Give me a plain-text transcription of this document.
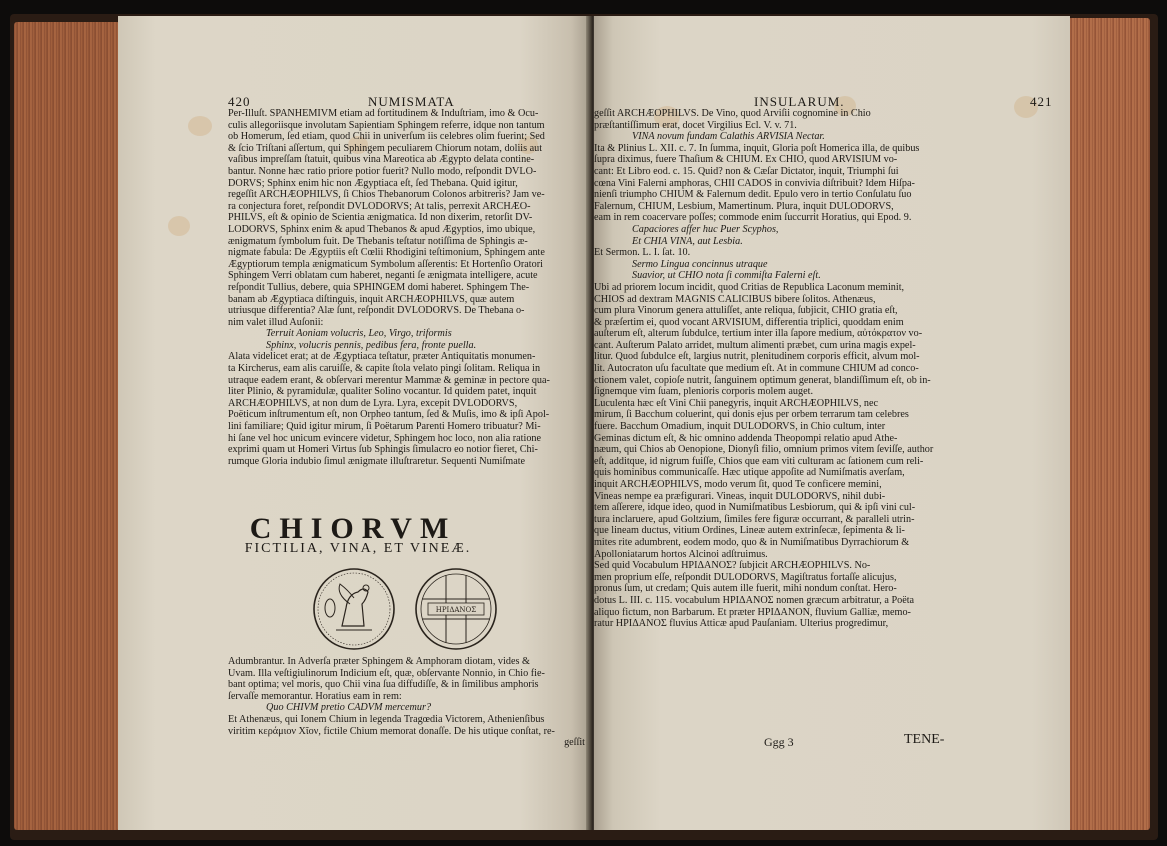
420	NUMISMATA

Per-Illuſt. SPANHEMIVM etiam ad fortitudinem & Induſtriam, imo & Ocu-

culis allegoriisque involutam Sapientiam Sphingem referre, idque non tantum

ob Homerum, ſed etiam, quod Chii in univerſum iis celebres olim fuerint; Sed

& ſcio Triſtani aſſertum, qui Sphingem peculiarem Chiorum notam, doliis aut

vaſibus impreſſam ſtatuit, quibus vina Mareotica ab Ægypto delata contine-

bantur. Nonne hæc ratio priore potior fuerit? Nullo modo, reſpondit DVLO-

DORVS; Sphinx enim hic non Ægyptiaca eſt, ſed Thebana. Quid igitur,

regeſſit ARCHÆOPHILVS, ſi Chios Thebanorum Colonos arbitreris? Jam ve-

ra conjectura foret, reſpondit DVLODORVS; At talis, perrexit ARCHÆO-

PHILVS, eſt & opinio de Scientia ænigmatica. Id non dixerim, retorſit DV-

LODORVS, Sphinx enim & apud Thebanos & apud Ægyptios, imo ubique,

ænigmatum ſymbolum fuit. De Thebanis teſtatur notiſſima de Sphingis æ-

nigmate fabula: De Ægyptiis eſt Cœlii Rhodigini teſtimonium, Sphingem ante

Ægyptiorum templa ænigmaticum Symbolum aſſerentis: Et Hortenſio Oratori

Sphingem Verri oblatam cum haberet, neganti ſe ænigmata intelligere, acute

reſpondit Tullius, debere, quia SPHINGEM domi haberet. Sphingem The-

banam ab Ægyptiaca diſtinguis, inquit ARCHÆOPHILVS, quæ autem

utriusque differentia? Alæ ſunt, reſpondit DVLODORVS. De Thebana o-

nim valet illud Auſonii:

Terruit Aoniam volucris, Leo, Virgo, triformis

Sphinx, volucris pennis, pedibus fera, fronte puella.

Alata videlicet erat; at de Ægyptiaca teſtatur, præter Antiquitatis monumen-

ta Kircherus, eam alis caruiſſe, & capite ſtola velato pingi ſolitam. Reliqua in

utraque eadem erant, & obſervari merentur Mammæ & geminæ in pectore qua-

liter Plinio, & pyramidulæ, qualiter Solino vocantur. Id quidem patet, inquit

ARCHÆOPHILVS, at non dum de Lyra. Lyra, excepit DVLODORVS,

Poëticum inſtrumentum eſt, non Orpheo tantum, ſed & Muſis, imo & ipſi Apol-

lini familiare; Quid igitur mirum, ſi Poëtarum Parenti Homero tribuatur? Mi-

hi ſane vel hoc unicum evincere videtur, Sphingem hoc loco, non alia ratione

exprimi quam ut Homeri Virtus ſub Sphingis ſimulacro eo notior fieret, Chi-

rumque Gloria indubio ſimul ænigmate illuſtraretur. Sequenti Numiſmate

CHIORVM
FICTILIA, VINA, ET VINEÆ.
ΗΡΙΔΑΝΟΣ

Adumbrantur. In Adverſa præter Sphingem & Amphoram diotam, vides &

Uvam. Illa veſtigiulinorum Indicium eſt, quæ, obſervante Nonnio, in Chio fie-

bant optima; vel moris, quo Chii vina ſua diffudiſſe, & in ſimilibus amphoris

ſervaſſe memorantur. Horatius eam in rem:

Quo CHIVM pretio CADVM mercemur?

Et Athenæus, qui Ionem Chium in legenda Tragœdia Victorem, Athenienſibus

viritim κεράμιον Χῖον, fictile Chium memorat donaſſe. De his utique conſtat, re-

geſſit

INSULARUM.	421

geſſit ARCHÆOPHILVS. De Vino, quod Arviſii cognomine in Chio

præſtantiſſimum erat, docet Virgilius Ecl. V. v. 71.

VINA novum fundam Calathis ARVISIA Nectar.

Ita & Plinius L. XII. c. 7. In ſumma, inquit, Gloria poſt Homerica illa, de quibus

ſupra diximus, fuere Thaſium & CHIUM. Ex CHIO, quod ARVISIUM vo-

cant: Et Libro eod. c. 15. Quid? non & Cæſar Dictator, inquit, Triumphi ſui

cœna Vini Falerni amphoras, CHII CADOS in convivia diſtribuit? Idem Hiſpa-

nienſi triumpho CHIUM & Falernum dedit. Epulo vero in tertio Conſulatu ſuo

Falernum, CHIUM, Lesbium, Mamertinum. Plura, inquit DULODORVS,

eam in rem coacervare poſſes; commode enim ſuccurrit Horatius, qui Epod. 9.

Capaciores affer huc Puer Scyphos,

Et CHIA VINA, aut Lesbia.

Et Sermon. L. I. ſat. 10.

Sermo Lingua concinnus utraque

Suavior, ut CHIO nota ſi commiſta Falerni eſt.

Ubi ad priorem locum incidit, quod Critias de Republica Laconum meminit,

CHIOS ad dextram MAGNIS CALICIBUS bibere ſolitos. Athenæus,

cum plura Vinorum genera attuliſſet, ante reliqua, ſubjicit, CHIO gratia eſt,

& præſertim ei, quod vocant ARVISIUM, differentia triplici, quoddam enim

auſterum eſt, alterum ſubdulce, tertium inter illa ſapore medium, αὐτόκρατον vo-

cant. Auſterum Palato arridet, multum alimenti præbet, cum urina magis expel-

litur. Quod ſubdulce eſt, largius nutrit, plenitudinem corporis efficit, alvum mol-

lit. Autocraton uſu facultate que medium eſt. At in commune CHIUM ad conco-

ctionem valet, copioſe nutrit, ſanguinem optimum generat, blandiſſimum eſt, ob in-

ſignemque vim ſuam, plenioris corporis molem auget.

Luculenta hæc eſt Vini Chii panegyris, inquit ARCHÆOPHILVS, nec

mirum, ſi Bacchum coluerint, qui donis ejus per orbem terrarum tam celebres

fuere. Bacchum Omadium, inquit DULODORVS, in Chio cultum, inter

Geminas dictum eſt, & hic omnino addenda Theopompi relatio apud Athe-

næum, qui Chios ab Oenopione, Dionyſi filio, omnium primos vitem ſeviſſe, author

eſt, additque, id nigrum fuiſſe, Chios que eam viti culturam ac ſationem cum reli-

quis hominibus communicaſſe. Hæc utique appoſite ad Numiſmatis averſam,

inquit ARCHÆOPHILVS, modo verum ſit, quod Te conficere memini,

Vineas nempe ea præfigurari. Vineas, inquit DULODORVS, nihil dubi-

tem aſſerere, idque ideo, quod in Numiſmatibus Lesbiorum, qui & ipſi vini cul-

tura inclaruere, apud Goltzium, ſimiles fere figuræ occurrant, & paralleli utrin-

que lineam ductus, vitium Ordines, Lineæ autem extrinſecæ, ſepimenta & li-

mites rite adumbrent, eodem modo, quo & in Numiſmatibus Dyrrachiorum &

Apolloniatarum hortos Alcinoi adſtruimus.

Sed quid Vocabulum ΗΡΙΔΑΝΟΣ? ſubjicit ARCHÆOPHILVS. No-

men proprium eſſe, reſpondit DULODORVS, Magiſtratus fortaſſe alicujus,

pronus ſum, ut credam; Quis autem ille fuerit, mihi nondum conſtat. Hero-

dotus L. III. c. 115. vocabulum ΗΡΙΔΑΝΟΣ nomen græcum arbitratur, a Poëta

aliquo fictum, non Barbarum. Et præter ΗΡΙΔΑΝΟΝ, fluvium Galliæ, memo-

ratur ΗΡΙΔΑΝΟΣ fluvius Atticæ apud Pauſaniam. Ulterius progredimur,

Ggg 3	TENE-
